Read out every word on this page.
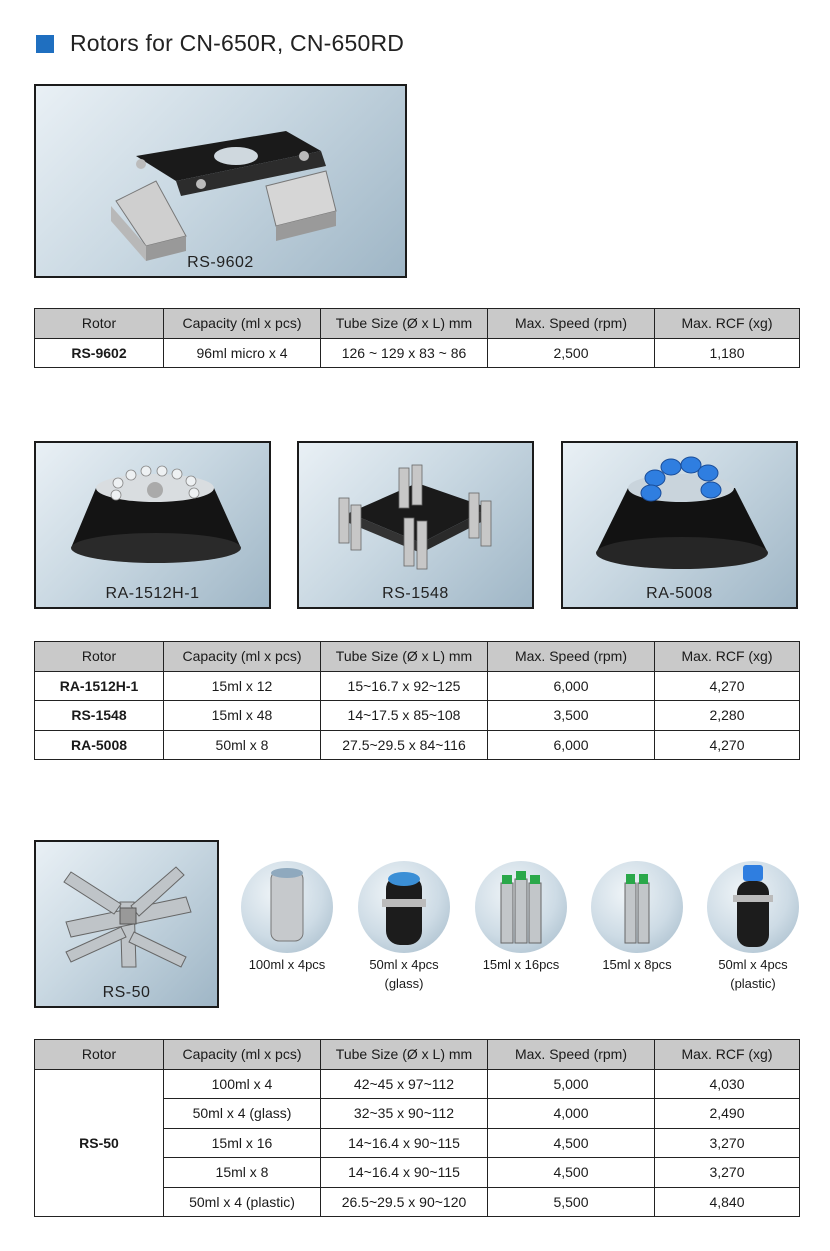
Rotors for CN-650R, CN-650RD
RS-9602
Rotor	Capacity (ml x pcs)	Tube Size (Ø x L) mm	Max. Speed (rpm)	Max. RCF (xg)
RS-9602	96ml micro x 4	126 ~ 129 x 83 ~ 86	2,500	1,180
RA-1512H-1	RS-1548	RA-5008
Rotor	Capacity (ml x pcs)	Tube Size (Ø x L) mm	Max. Speed (rpm)	Max. RCF (xg)
RA-1512H-1	15ml x 12	15~16.7 x 92~125	6,000	4,270
RS-1548	15ml x 48	14~17.5 x 85~108	3,500	2,280
RA-5008	50ml x 8	27.5~29.5 x 84~116	6,000	4,270
RS-50
100ml x 4pcs	50ml x 4pcs
(glass)
15ml x 16pcs	15ml x 8pcs	50ml x 4pcs
(plastic)
Rotor	Capacity (ml x pcs)	Tube Size (Ø x L) mm	Max. Speed (rpm)	Max. RCF (xg)
RS-50	100ml x 4	42~45 x 97~112	5,000	4,030
	50ml x 4 (glass)	32~35 x 90~112	4,000	2,490
	15ml x 16	14~16.4 x 90~115	4,500	3,270
	15ml x 8	14~16.4 x 90~115	4,500	3,270
	50ml x 4 (plastic)	26.5~29.5 x 90~120	5,500	4,840
